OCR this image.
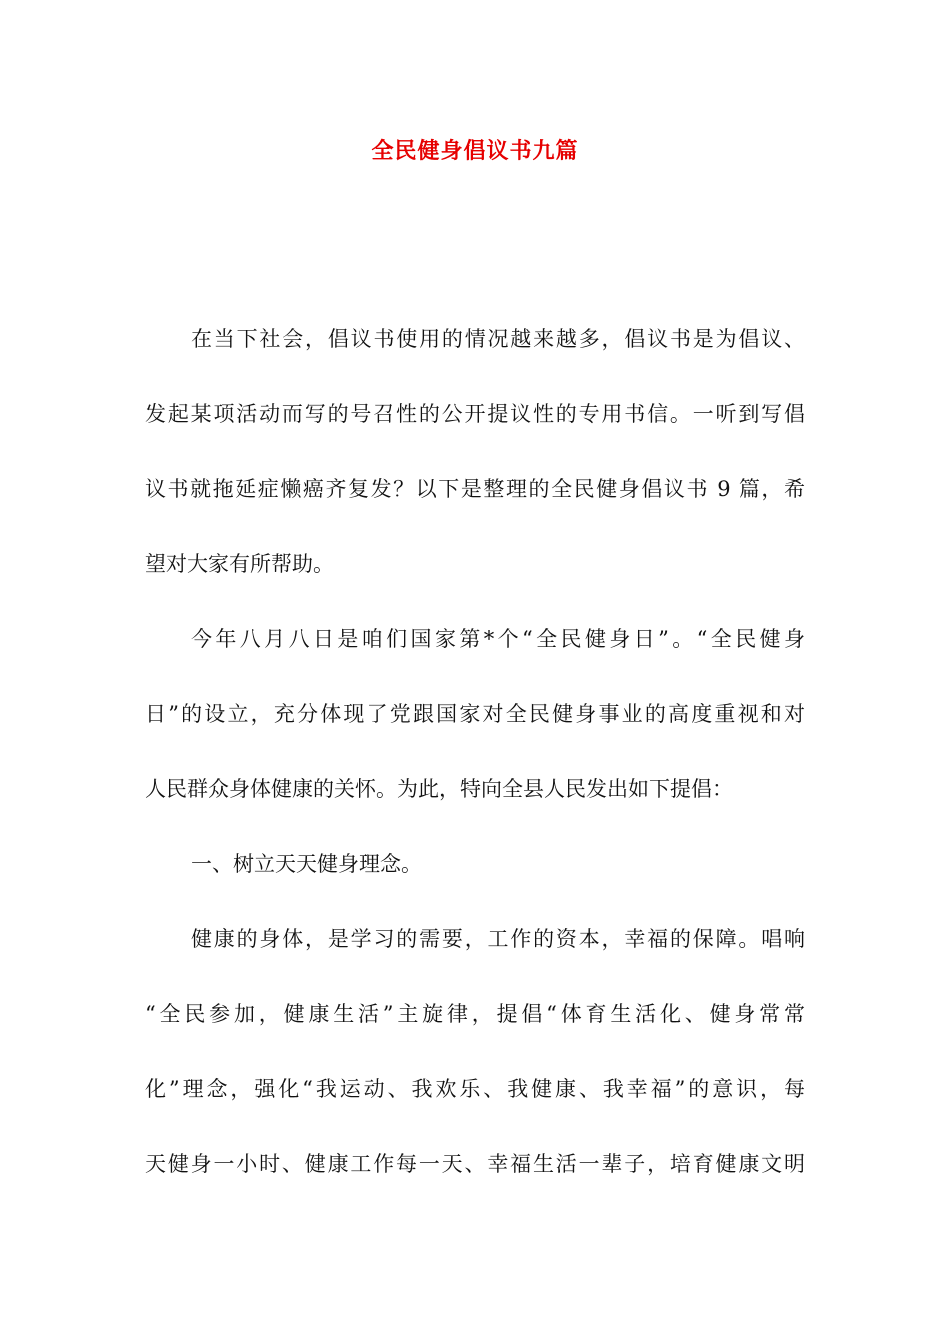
全民健身倡议书九篇
在当下社会，倡议书使用的情况越来越多，倡议书是为倡议、
发起某项活动而写的号召性的公开提议性的专用书信。一听到写倡
议书就拖延症懒癌齐复发？以下是整理的全民健身倡议书 9 篇，希
望对大家有所帮助。
今年八月八日是咱们国家第*个“全民健身日”。“全民健身
日”的设立，充分体现了党跟国家对全民健身事业的高度重视和对
人民群众身体健康的关怀。为此，特向全县人民发出如下提倡：
一、树立天天健身理念。
健康的身体，是学习的需要，工作的资本，幸福的保障。唱响
“全民参加，健康生活”主旋律，提倡“体育生活化、健身常常
化”理念，强化“我运动、我欢乐、我健康、我幸福”的意识，每
天健身一小时、健康工作每一天、幸福生活一辈子，培育健康文明
